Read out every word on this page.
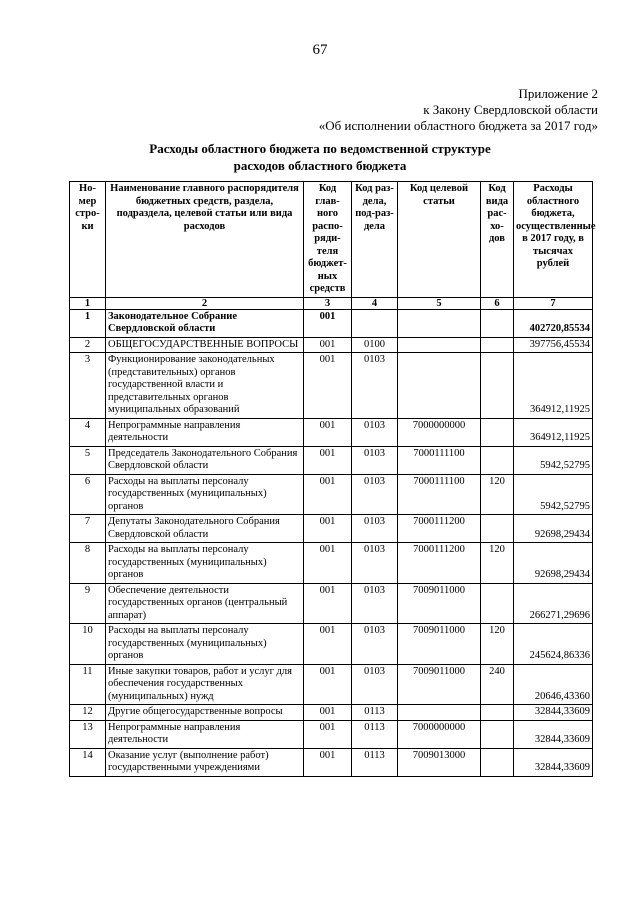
67
Приложение 2
к Закону Свердловской области
«Об исполнении областного бюджета за 2017 год»
Расходы областного бюджета по ведомственной структуре
расходов областного бюджета
Но-мер стро-ки	Наименование главного распорядителя бюджетных средств, раздела, подраздела, целевой статьи или вида расходов	Код глав-ного распо-ряди-теля бюджет-ных средств	Код раз-дела, под-раз-дела	Код целевой статьи	Код вида рас-хо-дов	Расходы областного бюджета, осуществленные в 2017 году, в тысячах рублей
1	2	3	4	5	6	7
1	Законодательное Собрание Свердловской области	001				402720,85534
2	ОБЩЕГОСУДАРСТВЕННЫЕ ВОПРОСЫ	001	0100			397756,45534
3	Функционирование законодательных (представительных) органов государственной власти и представительных органов муниципальных образований	001	0103			364912,11925
4	Непрограммные направления деятельности	001	0103	7000000000		364912,11925
5	Председатель Законодательного Собрания Свердловской области	001	0103	7000111100		5942,52795
6	Расходы на выплаты персоналу государственных (муниципальных) органов	001	0103	7000111100	120	5942,52795
7	Депутаты Законодательного Собрания Свердловской области	001	0103	7000111200		92698,29434
8	Расходы на выплаты персоналу государственных (муниципальных) органов	001	0103	7000111200	120	92698,29434
9	Обеспечение деятельности государственных органов (центральный аппарат)	001	0103	7009011000		266271,29696
10	Расходы на выплаты персоналу государственных (муниципальных) органов	001	0103	7009011000	120	245624,86336
11	Иные закупки товаров, работ и услуг для обеспечения государственных (муниципальных) нужд	001	0103	7009011000	240	20646,43360
12	Другие общегосударственные вопросы	001	0113			32844,33609
13	Непрограммные направления деятельности	001	0113	7000000000		32844,33609
14	Оказание услуг (выполнение работ) государственными учреждениями	001	0113	7009013000		32844,33609
